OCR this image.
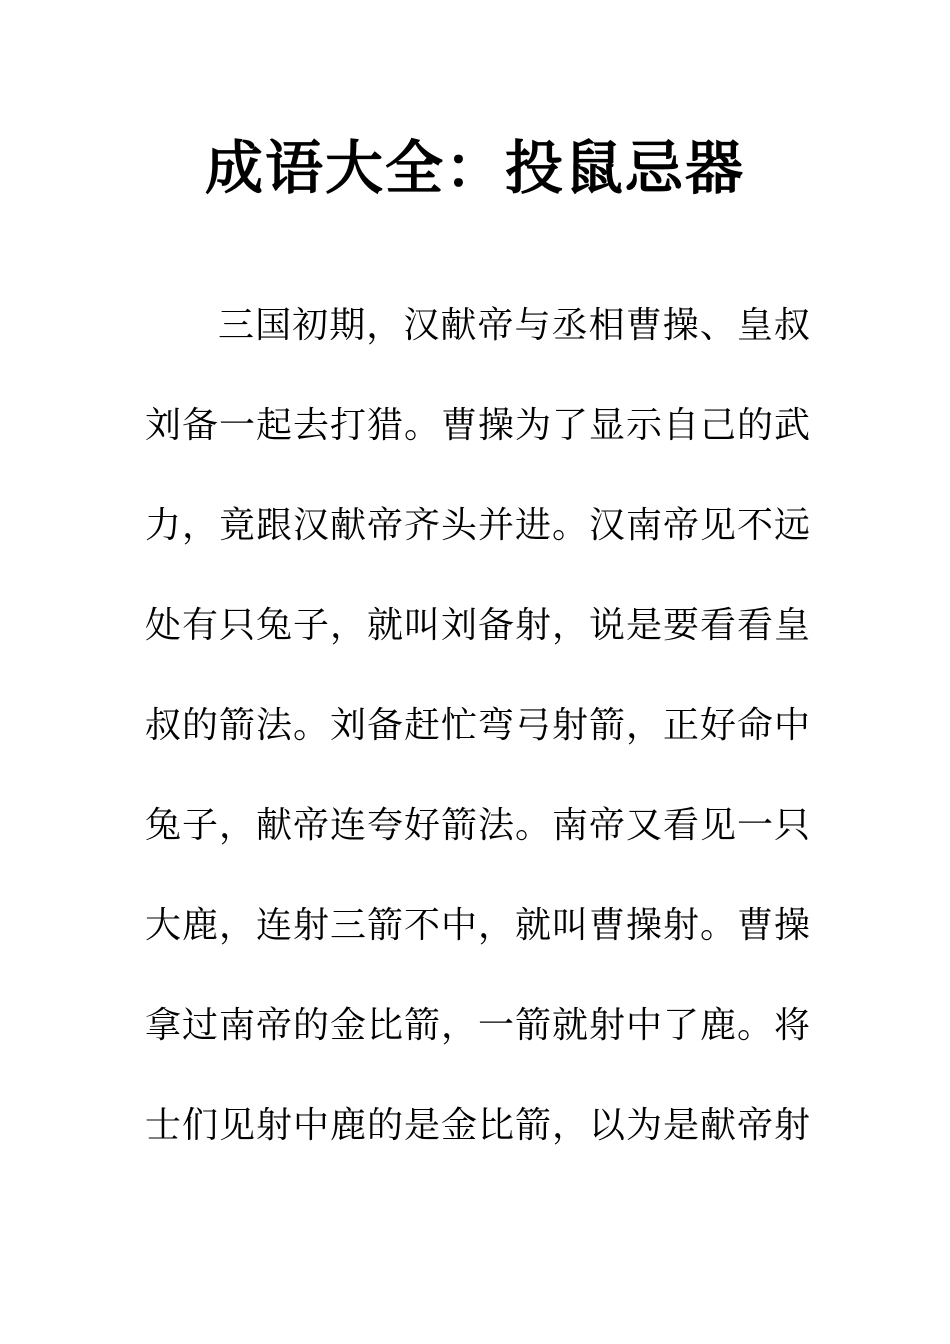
成语大全：投鼠忌器
三国初期，汉献帝与丞相曹操、皇叔
刘备一起去打猎。曹操为了显示自己的武
力，竟跟汉献帝齐头并进。汉南帝见不远
处有只兔子，就叫刘备射，说是要看看皇
叔的箭法。刘备赶忙弯弓射箭，正好命中
兔子，献帝连夸好箭法。南帝又看见一只
大鹿，连射三箭不中，就叫曹操射。曹操
拿过南帝的金比箭，一箭就射中了鹿。将
士们见射中鹿的是金比箭，以为是献帝射
